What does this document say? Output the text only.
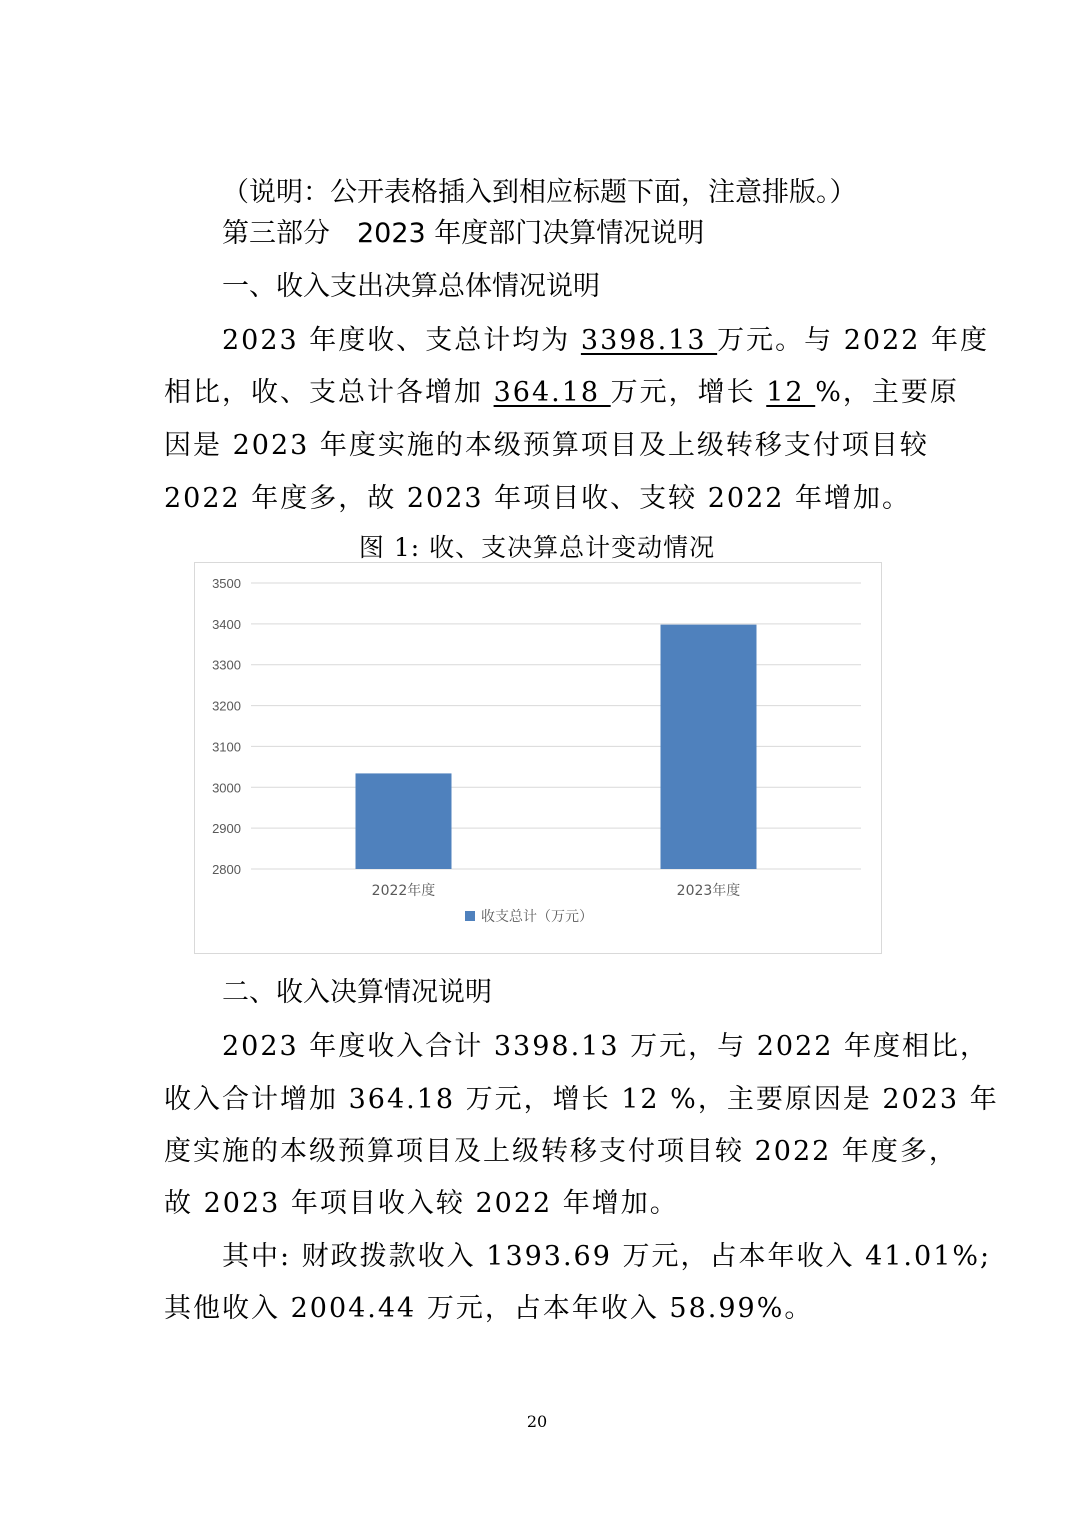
（说明：公开表格插入到相应标题下面，注意排版。）
第三部分　2023 年度部门决算情况说明
一、收入支出决算总体情况说明
2023 年度收、支总计均为 3398.13 万元。与 2022 年度
相比，收、支总计各增加 364.18 万元，增长 12 %，主要原
因是 2023 年度实施的本级预算项目及上级转移支付项目较
2022 年度多，故 2023 年项目收、支较 2022 年增加。
图 1: 收、支决算总计变动情况
2800
2900
3000
3100
3200
3300
3400
3500
2022年度	2023年度
收支总计（万元）
二、收入决算情况说明
2023 年度收入合计 3398.13 万元，与 2022 年度相比，
收入合计增加 364.18 万元，增长 12 %，主要原因是 2023 年
度实施的本级预算项目及上级转移支付项目较 2022 年度多，
故 2023 年项目收入较 2022 年增加。
其中: 财政拨款收入 1393.69 万元，占本年收入 41.01%;
其他收入 2004.44 万元，占本年收入 58.99%。
20
